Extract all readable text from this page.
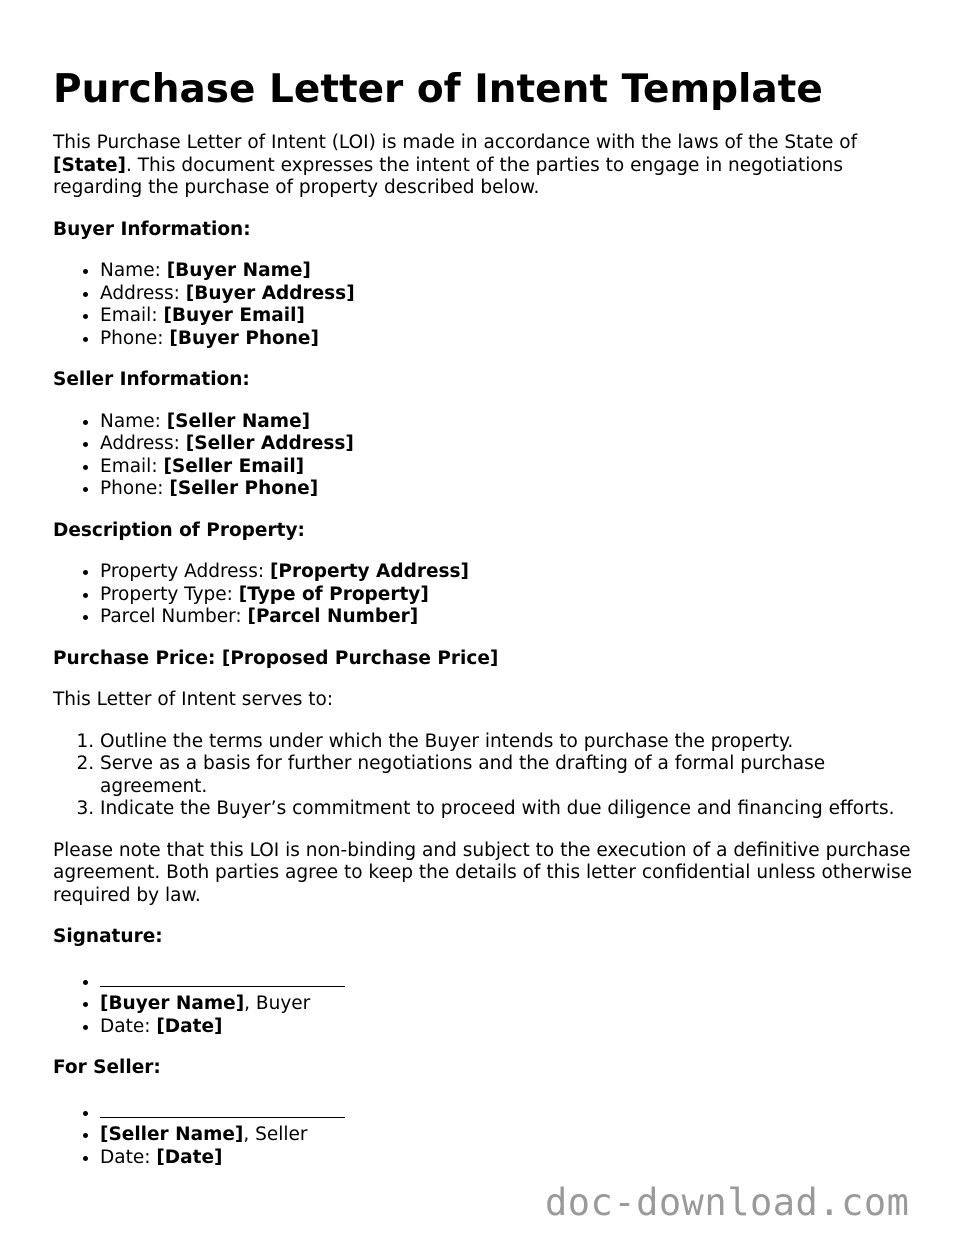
Purchase Letter of Intent Template

This Purchase Letter of Intent (LOI) is made in accordance with the laws of the State of [State]. This document expresses the intent of the parties to engage in negotiations regarding the purchase of property described below.

Buyer Information:
• Name: [Buyer Name]
• Address: [Buyer Address]
• Email: [Buyer Email]
• Phone: [Buyer Phone]
Seller Information:
• Name: [Seller Name]
• Address: [Seller Address]
• Email: [Seller Email]
• Phone: [Seller Phone]
Description of Property:
• Property Address: [Property Address]
• Property Type: [Type of Property]
• Parcel Number: [Parcel Number]
Purchase Price: [Proposed Purchase Price]

This Letter of Intent serves to:

1. Outline the terms under which the Buyer intends to purchase the property.
2. Serve as a basis for further negotiations and the drafting of a formal purchase agreement.
3. Indicate the Buyer’s commitment to proceed with due diligence and financing efforts.

Please note that this LOI is non-binding and subject to the execution of a definitive purchase agreement. Both parties agree to keep the details of this letter confidential unless otherwise required by law.

Signature:
•
• [Buyer Name], Buyer
• Date: [Date]
For Seller:
•
• [Seller Name], Seller
• Date: [Date]
doc-download.com
